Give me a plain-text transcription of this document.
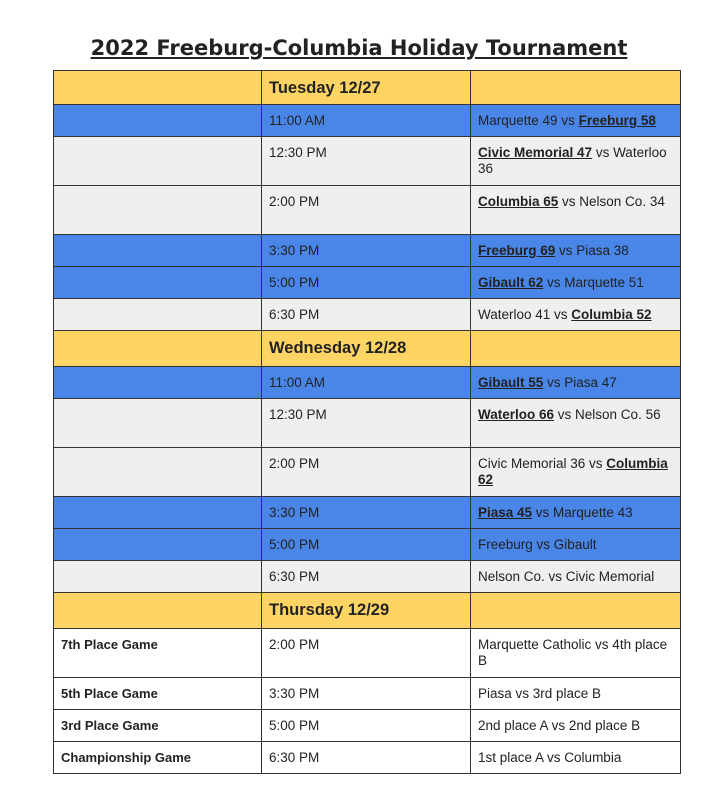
2022 Freeburg-Columbia Holiday Tournament
	Tuesday 12/27	
	11:00 AM	Marquette 49 vs Freeburg 58
	12:30 PM	Civic Memorial 47 vs Waterloo 36
	2:00 PM	Columbia 65 vs Nelson Co. 34
	3:30 PM	Freeburg 69 vs Piasa 38
	5:00 PM	Gibault 62 vs Marquette 51
	6:30 PM	Waterloo 41 vs Columbia 52
	Wednesday 12/28	
	11:00 AM	Gibault 55 vs Piasa 47
	12:30 PM	Waterloo 66 vs Nelson Co. 56
	2:00 PM	Civic Memorial 36 vs Columbia 62
	3:30 PM	Piasa 45 vs Marquette 43
	5:00 PM	Freeburg vs Gibault
	6:30 PM	Nelson Co. vs Civic Memorial
	Thursday 12/29	
7th Place Game	2:00 PM	Marquette Catholic vs 4th place B
5th Place Game	3:30 PM	Piasa vs 3rd place B
3rd Place Game	5:00 PM	2nd place A vs 2nd place B
Championship Game	6:30 PM	1st place A vs Columbia
